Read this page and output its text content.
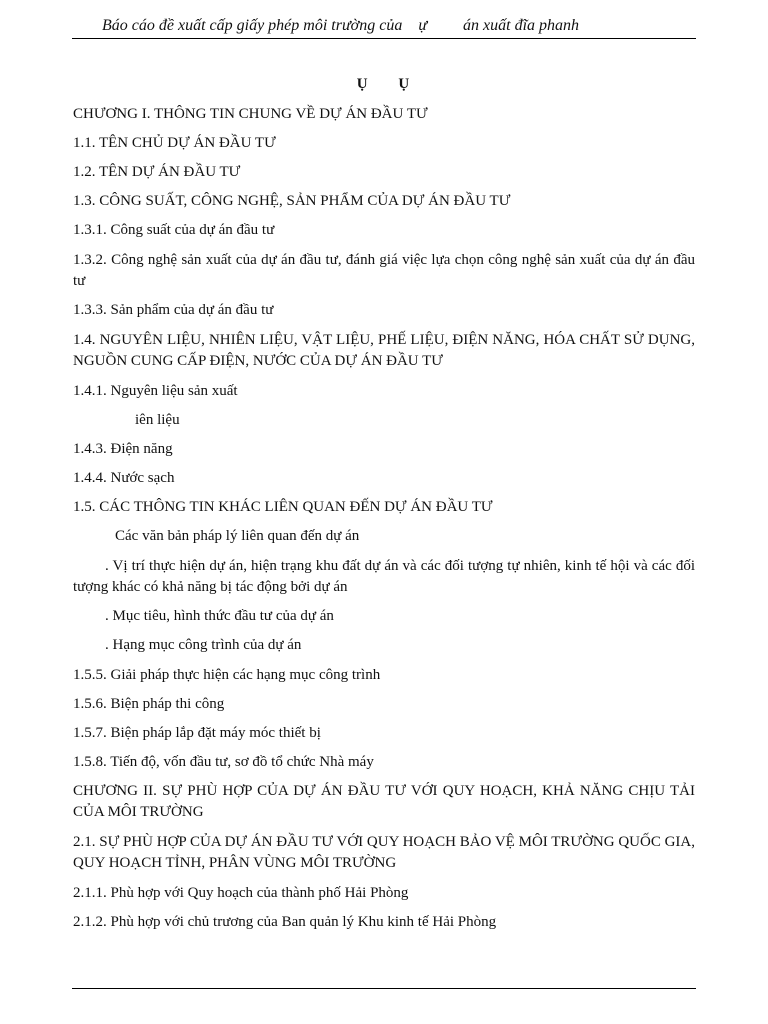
Báo cáo đề xuất cấp giấy phép môi trường của    ự         án xuất đĩa phanh
Ụ     Ụ
CHƯƠNG I. THÔNG TIN CHUNG VỀ DỰ ÁN ĐẦU TƯ
1.1. TÊN CHỦ DỰ ÁN ĐẦU TƯ
1.2. TÊN DỰ ÁN ĐẦU TƯ
1.3. CÔNG SUẤT, CÔNG NGHỆ, SẢN PHẨM CỦA DỰ ÁN ĐẦU TƯ
1.3.1. Công suất của dự án đầu tư
1.3.2. Công nghệ sản xuất của dự án đầu tư, đánh giá việc lựa chọn công nghệ sản xuất của dự án đầu tư
1.3.3. Sản phẩm của dự án đầu tư
1.4. NGUYÊN LIỆU, NHIÊN LIỆU, VẬT LIỆU, PHẾ LIỆU, ĐIỆN NĂNG, HÓA CHẤT SỬ DỤNG, NGUỒN CUNG CẤP ĐIỆN, NƯỚC CỦA DỰ ÁN ĐẦU TƯ
1.4.1. Nguyên liệu sản xuất
iên liệu
1.4.3. Điện năng
1.4.4. Nước sạch
1.5. CÁC THÔNG TIN KHÁC LIÊN QUAN ĐẾN DỰ ÁN ĐẦU TƯ
Các văn bản pháp lý liên quan đến dự án
. Vị trí thực hiện dự án, hiện trạng khu đất dự án và các đối tượng tự nhiên, kinh tế hội và các đối tượng khác có khả năng bị tác động bởi dự án
. Mục tiêu, hình thức đầu tư của dự án
. Hạng mục công trình của dự án
1.5.5. Giải pháp thực hiện các hạng mục công trình
1.5.6. Biện pháp thi công
1.5.7. Biện pháp lắp đặt máy móc thiết bị
1.5.8. Tiến độ, vốn đầu tư, sơ đồ tổ chức Nhà máy
CHƯƠNG II. SỰ PHÙ HỢP CỦA DỰ ÁN ĐẦU TƯ VỚI QUY HOẠCH, KHẢ NĂNG CHỊU TẢI CỦA MÔI TRƯỜNG
2.1. SỰ PHÙ HỢP CỦA DỰ ÁN ĐẦU TƯ VỚI QUY HOẠCH BẢO VỆ MÔI TRƯỜNG QUỐC GIA, QUY HOẠCH TỈNH, PHÂN VÙNG MÔI TRƯỜNG
2.1.1. Phù hợp với Quy hoạch của thành phố Hải Phòng
2.1.2. Phù hợp với chủ trương của Ban quản lý Khu kinh tế Hải Phòng
